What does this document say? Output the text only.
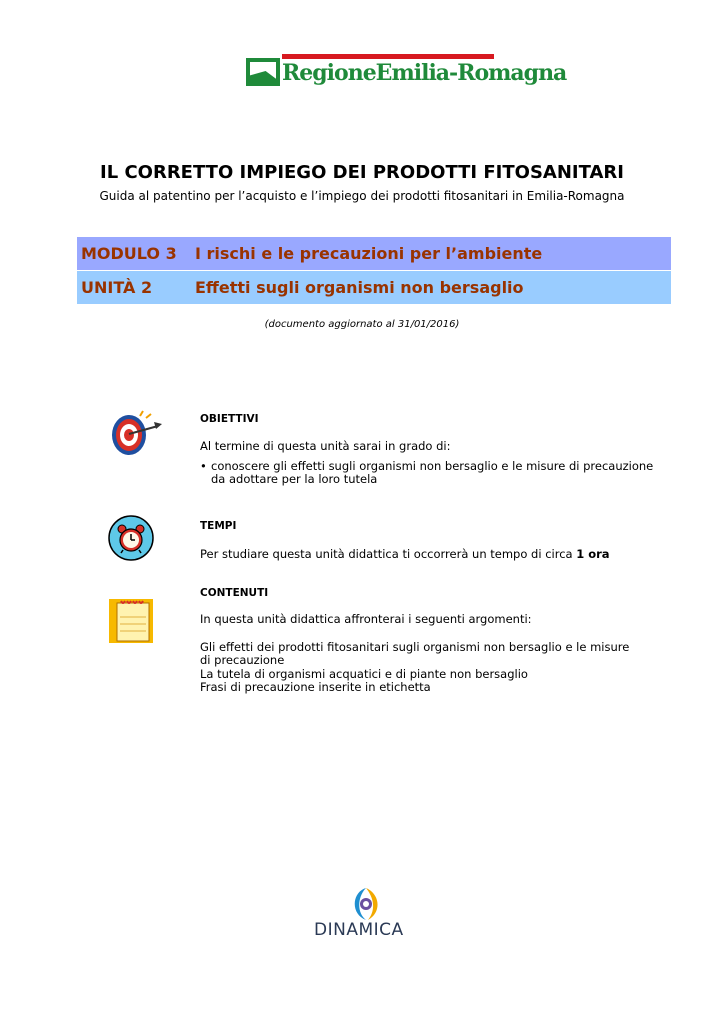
RegioneEmilia-Romagna
IL CORRETTO IMPIEGO DEI PRODOTTI FITOSANITARI
Guida al patentino per l’acquisto e l’impiego dei prodotti fitosanitari in Emilia-Romagna
MODULO 3 I rischi e le precauzioni per l’ambiente
UNITÀ 2	Effetti sugli organismi non bersaglio
(documento aggiornato al 31/01/2016)
OBIETTIVI
Al termine di questa unità sarai in grado di:
• conoscere gli effetti sugli organismi non bersaglio e le misure di precauzione da adottare per la loro tutela
TEMPI
Per studiare questa unità didattica ti occorrerà un tempo di circa 1 ora
CONTENUTI
In questa unità didattica affronterai i seguenti argomenti:
Gli effetti dei prodotti fitosanitari sugli organismi non bersaglio e le misure di precauzione
La tutela di organismi acquatici e di piante non bersaglio
Frasi di precauzione inserite in etichetta
DINAMICA
